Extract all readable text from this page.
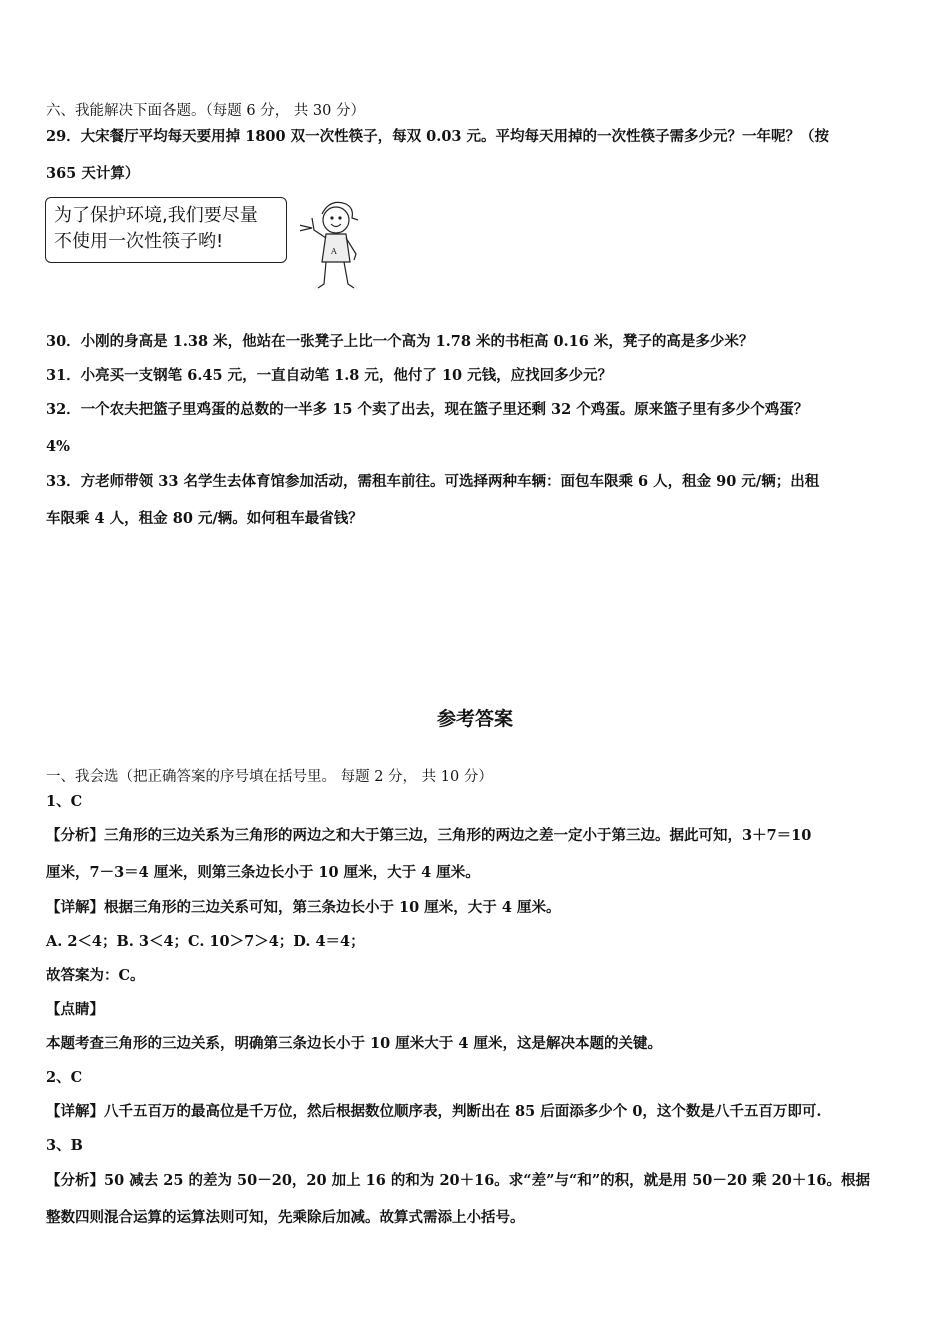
六、我能解决下面各题。（每题 6 分， 共 30 分）
29．大宋餐厅平均每天要用掉 1800 双一次性筷子，每双 0.03 元。平均每天用掉的一次性筷子需多少元？一年呢？（按
365 天计算）
为了保护环境,我们要尽量
不使用一次性筷子哟!	A
30．小刚的身高是 1.38 米，他站在一张凳子上比一个高为 1.78 米的书柜高 0.16 米，凳子的高是多少米？
31．小亮买一支钢笔 6.45 元，一直自动笔 1.8 元，他付了 10 元钱，应找回多少元？
32．一个农夫把篮子里鸡蛋的总数的一半多 15 个卖了出去，现在篮子里还剩 32 个鸡蛋。原来篮子里有多少个鸡蛋？
4%
33．方老师带领 33 名学生去体育馆参加活动，需租车前往。可选择两种车辆：面包车限乘 6 人，租金 90 元/辆；出租
车限乘 4 人，租金 80 元/辆。如何租车最省钱？
参考答案
一、我会选（把正确答案的序号填在括号里。 每题 2 分， 共 10 分）
1、C
【分析】三角形的三边关系为三角形的两边之和大于第三边，三角形的两边之差一定小于第三边。据此可知，3＋7＝10
厘米，7－3＝4 厘米，则第三条边长小于 10 厘米，大于 4 厘米。
【详解】根据三角形的三边关系可知，第三条边长小于 10 厘米，大于 4 厘米。
A. 2＜4；B. 3＜4；C. 10＞7＞4；D. 4＝4；
故答案为：C。
【点睛】
本题考查三角形的三边关系，明确第三条边长小于 10 厘米大于 4 厘米，这是解决本题的关键。
2、C
【详解】八千五百万的最高位是千万位，然后根据数位顺序表，判断出在 85 后面添多少个 0，这个数是八千五百万即可.
3、B
【分析】50 减去 25 的差为 50－20，20 加上 16 的和为 20＋16。求“差”与“和”的积，就是用 50－20 乘 20＋16。根据
整数四则混合运算的运算法则可知，先乘除后加减。故算式需添上小括号。
